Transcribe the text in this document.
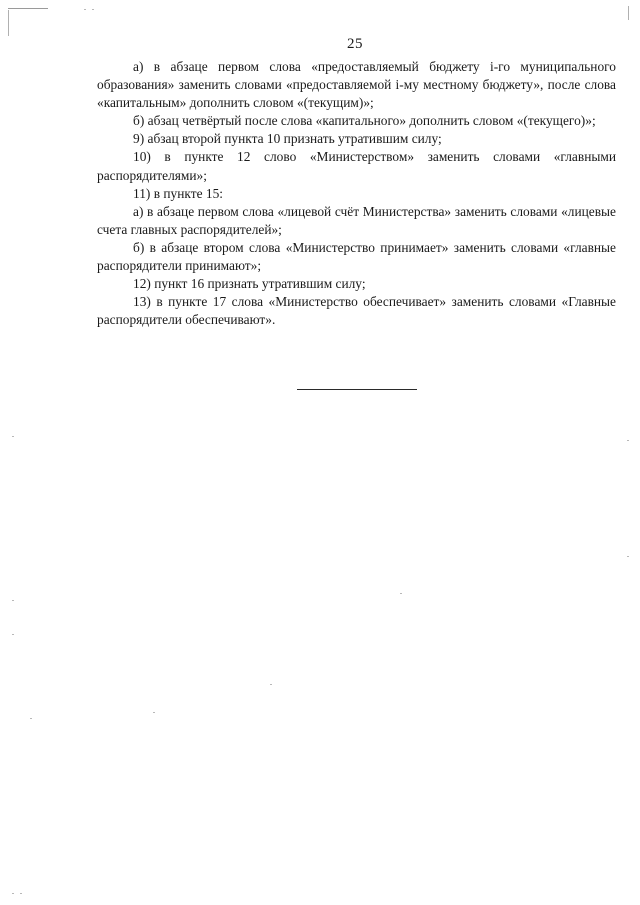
25

а) в абзаце первом слова «предоставляемый бюджету i-го муниципального образования» заменить словами «предоставляемой i-му местному бюджету», после слова «капитальным» дополнить словом «(текущим)»;

б) абзац четвёртый после слова «капитального» дополнить словом «(текущего)»;

9) абзац второй пункта 10 признать утратившим силу;

10) в пункте 12 слово «Министерством» заменить словами «главными распорядителями»;

11) в пункте 15:

а) в абзаце первом слова «лицевой счёт Министерства» заменить словами «лицевые счета главных распорядителей»;

б) в абзаце втором слова «Министерство принимает» заменить словами «главные распорядители принимают»;

12) пункт 16 признать утратившим силу;

13) в пункте 17 слова «Министерство обеспечивает» заменить словами «Главные распорядители обеспечивают».
